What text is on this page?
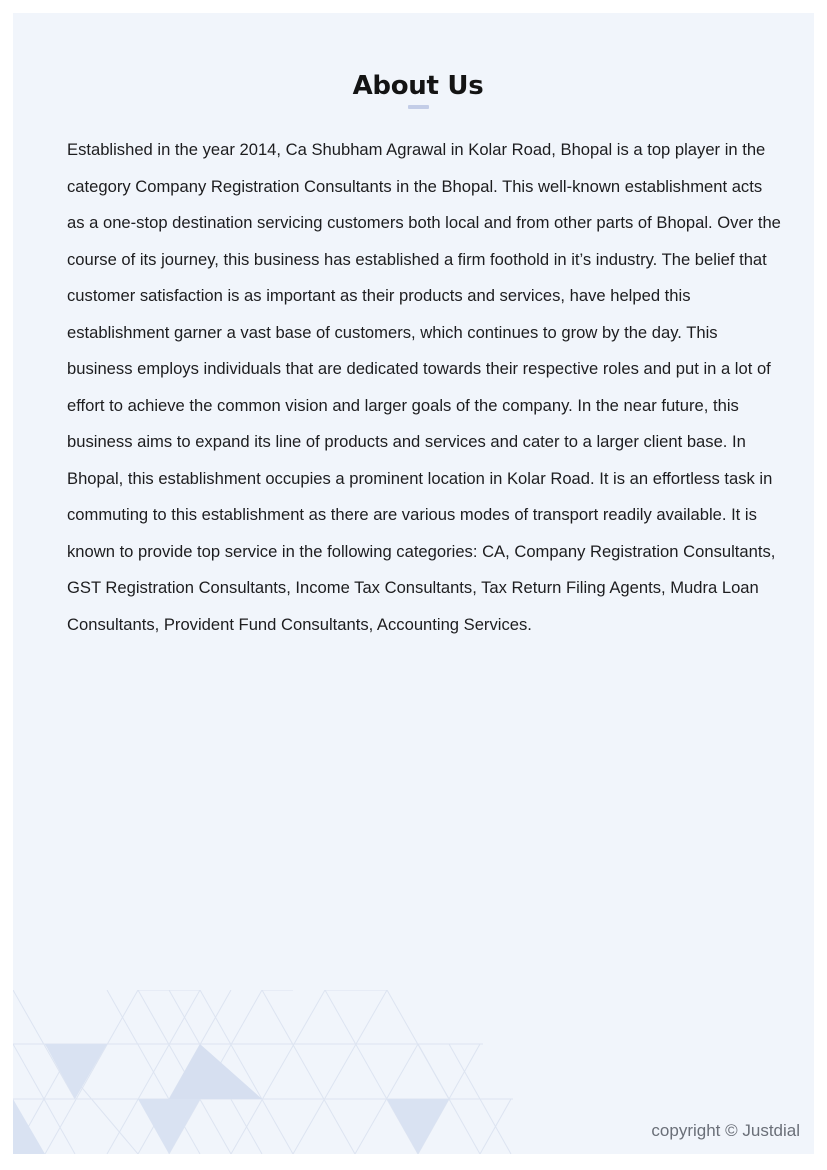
About Us

Established in the year 2014, Ca Shubham Agrawal in Kolar Road, Bhopal is a top player in the category Company Registration Consultants in the Bhopal. This well-known establishment acts as a one-stop destination servicing customers both local and from other parts of Bhopal. Over the course of its journey, this business has established a firm foothold in it’s industry. The belief that customer satisfaction is as important as their products and services, have helped this establishment garner a vast base of customers, which continues to grow by the day. This business employs individuals that are dedicated towards their respective roles and put in a lot of effort to achieve the common vision and larger goals of the company. In the near future, this business aims to expand its line of products and services and cater to a larger client base. In Bhopal, this establishment occupies a prominent location in Kolar Road. It is an effortless task in commuting to this establishment as there are various modes of transport readily available. It is known to provide top service in the following categories: CA, Company Registration Consultants, GST Registration Consultants, Income Tax Consultants, Tax Return Filing Agents, Mudra Loan Consultants, Provident Fund Consultants, Accounting Services.

copyright © Justdial
